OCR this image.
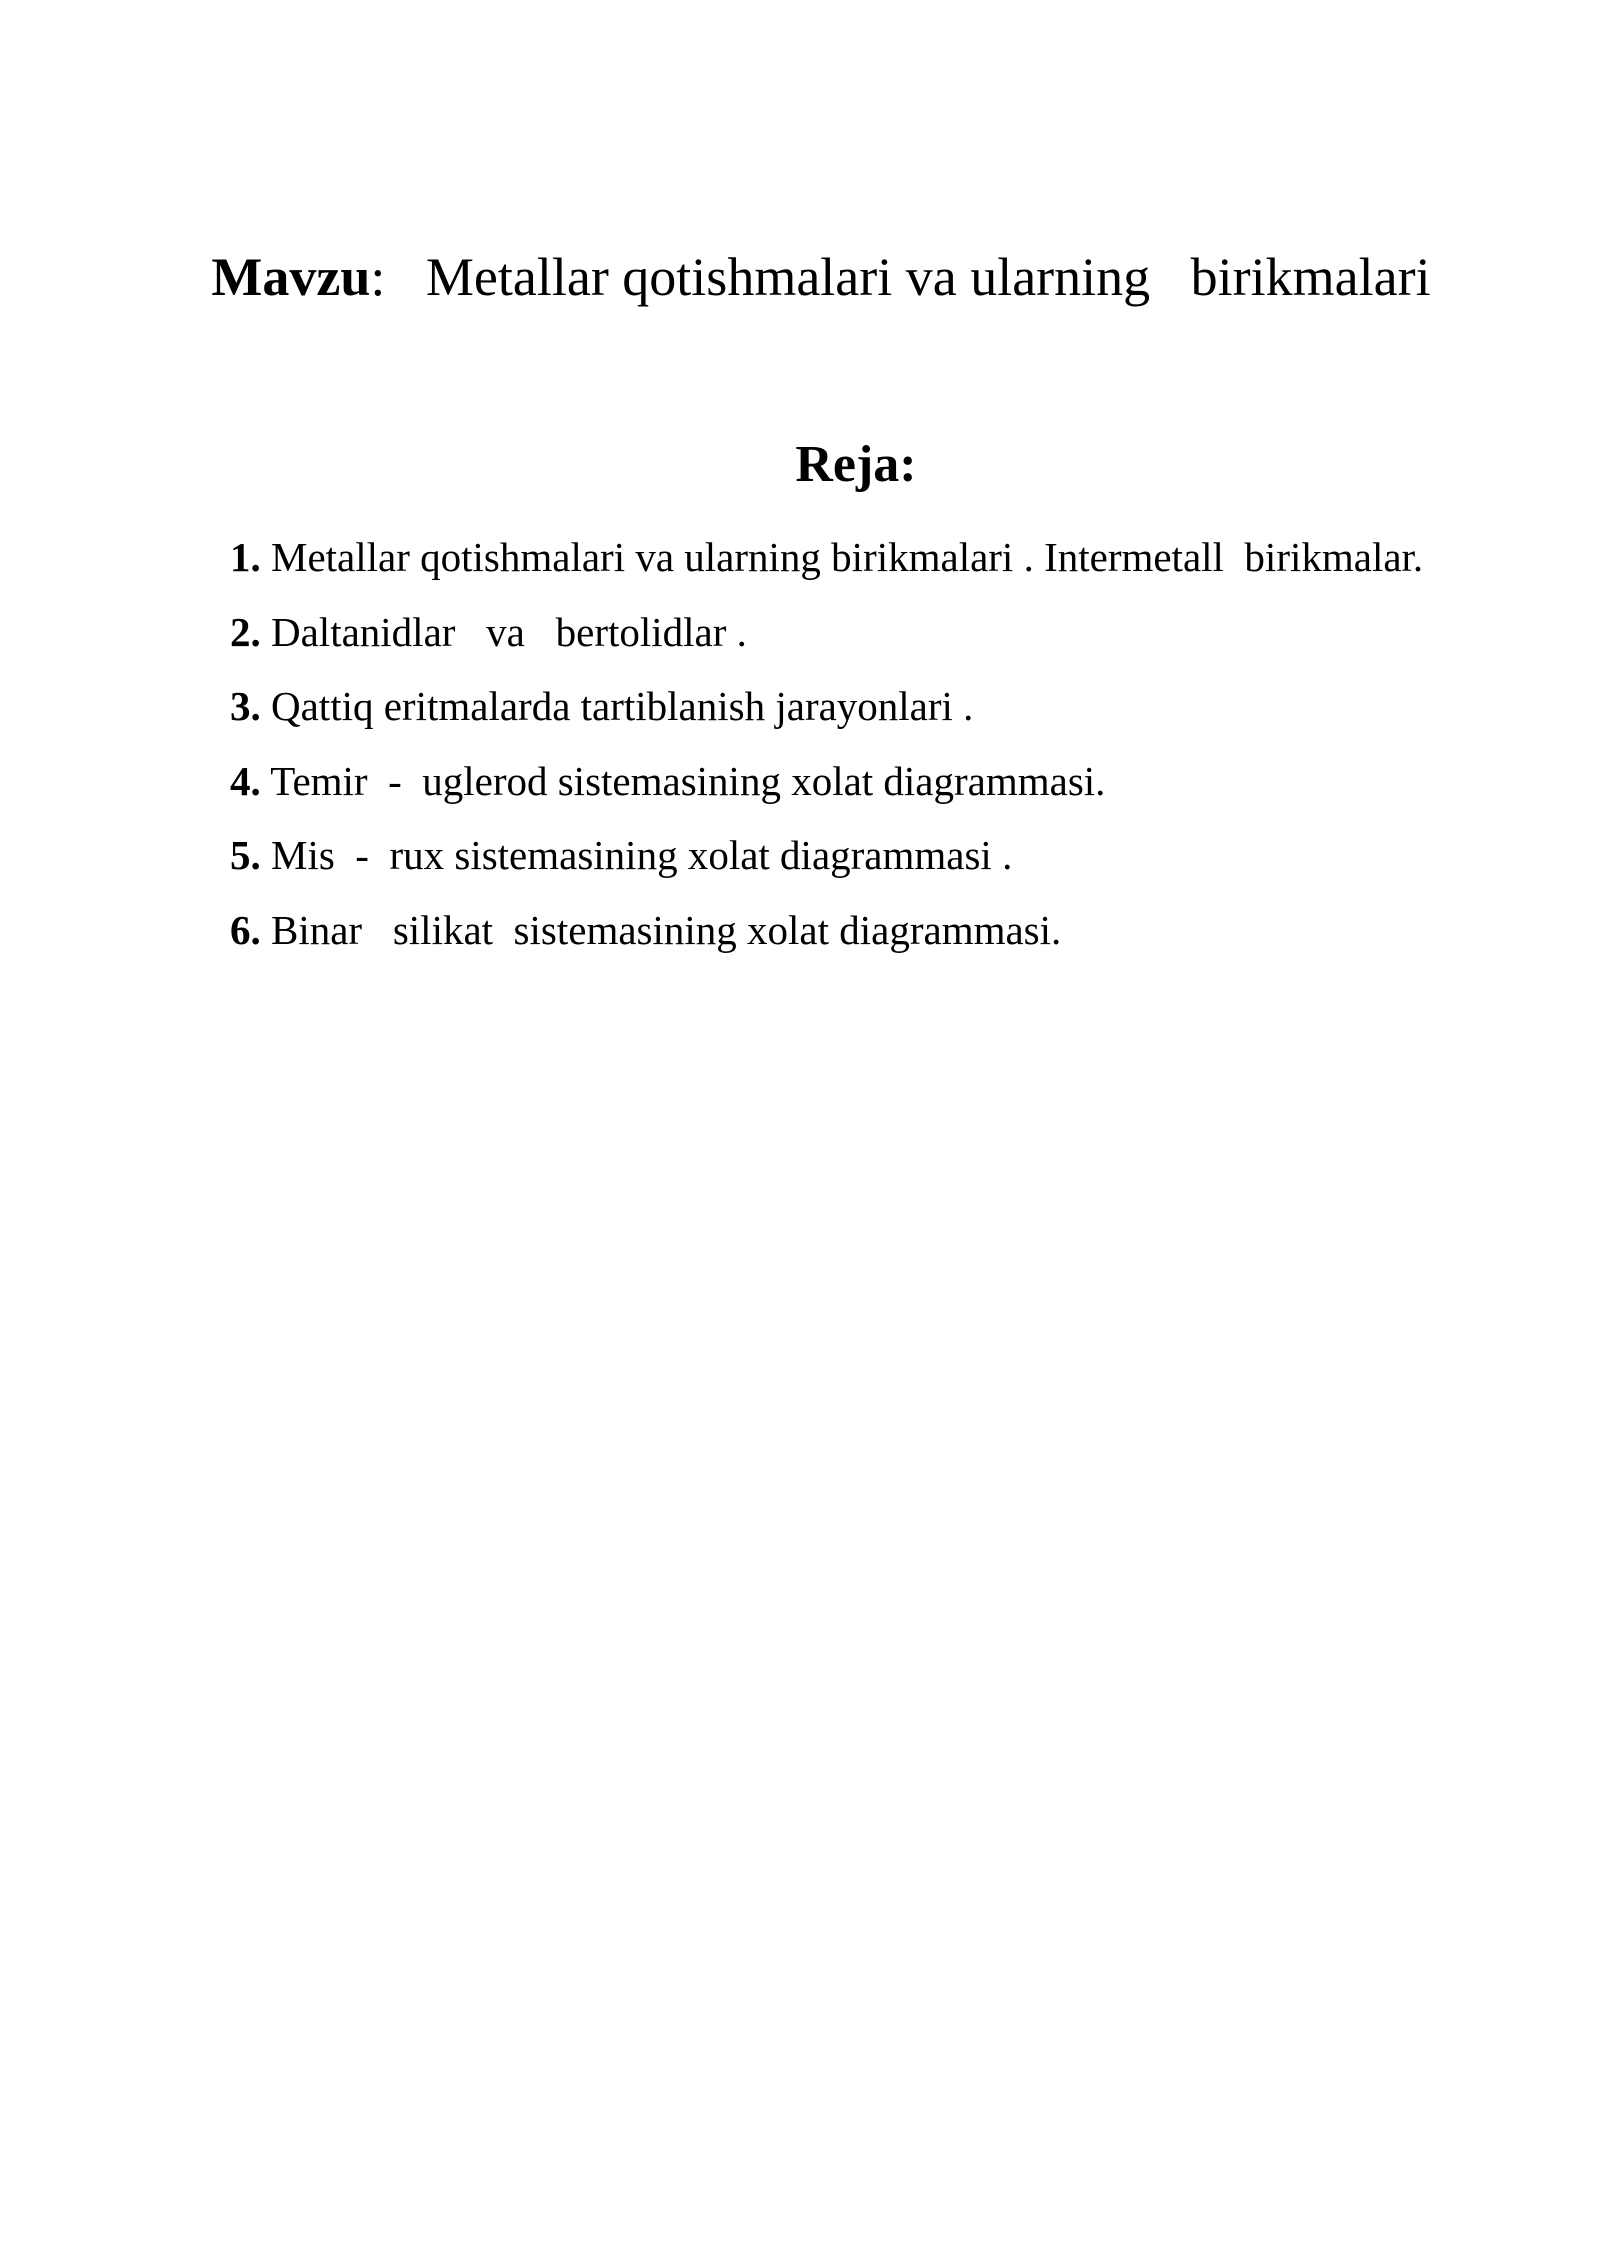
Mavzu:   Metallar qotishmalari va ularning   birikmalari
Reja:
1. Metallar qotishmalari va ularning birikmalari . Intermetall  birikmalar.
2. Daltanidlar   va   bertolidlar .
3. Qattiq eritmalarda tartiblanish jarayonlari .
4. Temir  -  uglerod sistemasining xolat diagrammasi.
5. Mis  -  rux sistemasining xolat diagrammasi .
6. Binar   silikat  sistemasining xolat diagrammasi.
